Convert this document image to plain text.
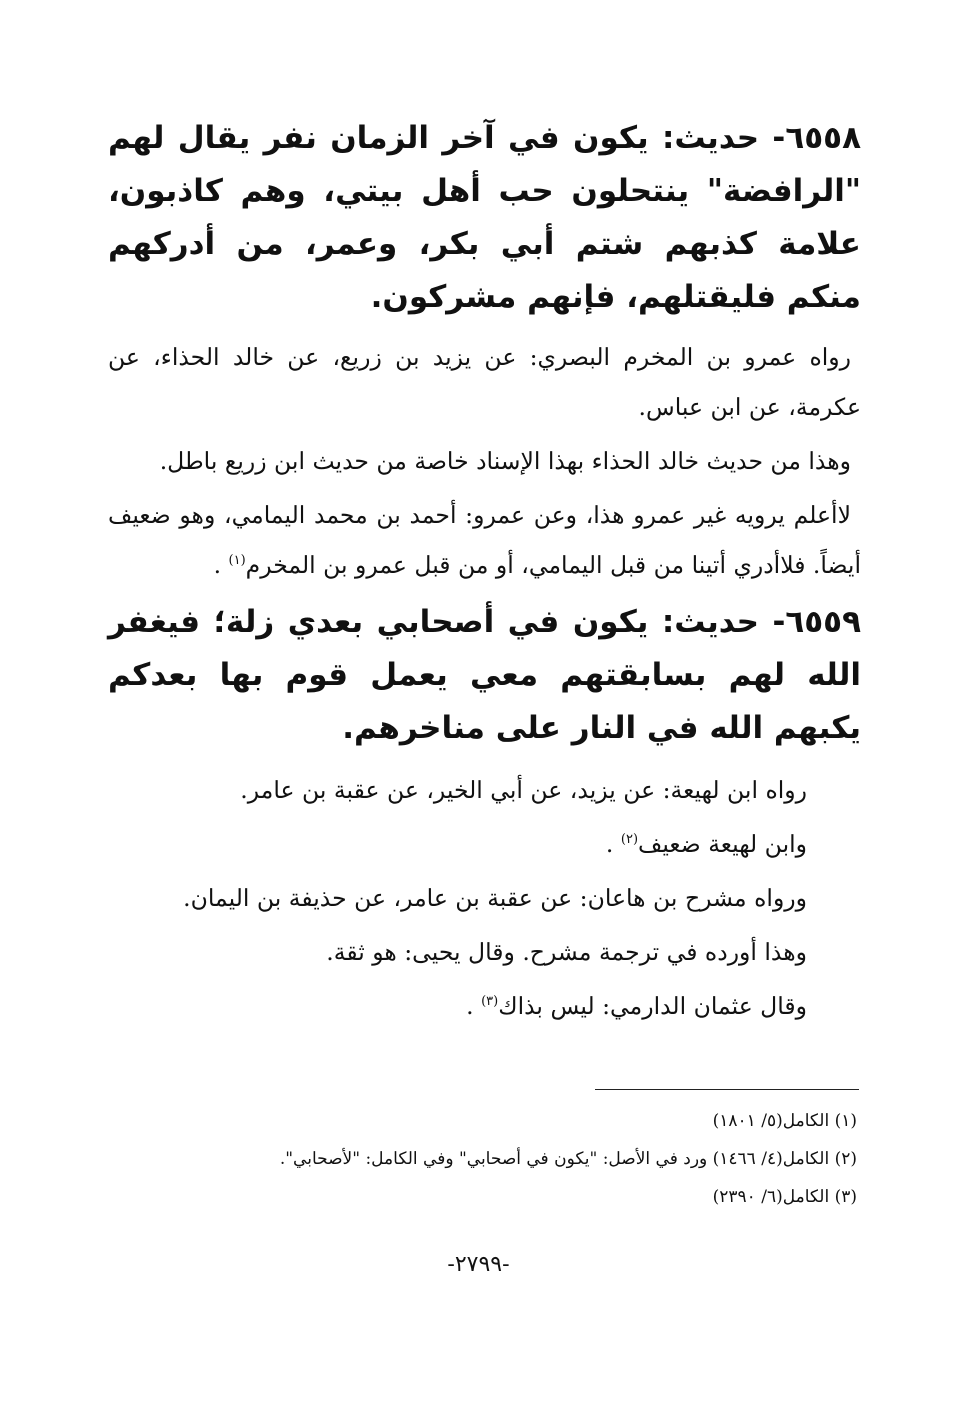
٦٥٥٨- حديث: يكون في آخر الزمان نفر يقال لهم "الرافضة" ينتحلون حب أهل بيتي، وهم كاذبون، علامة كذبهم شتم أبي بكر، وعمر، من أدركهم منكم فليقتلهم، فإنهم مشركون.

رواه عمرو بن المخرم البصري: عن يزيد بن زريع، عن خالد الحذاء، عن عكرمة، عن ابن عباس.

وهذا من حديث خالد الحذاء بهذا الإسناد خاصة من حديث ابن زريع باطل.

لاأعلم يرويه غير عمرو هذا، وعن عمرو: أحمد بن محمد اليمامي، وهو ضعيف أيضاً. فلاأدري أتينا من قبل اليمامي، أو من قبل عمرو بن المخرم$^{(١)}$ .

٦٥٥٩- حديث: يكون في أصحابي بعدي زلة؛ فيغفر الله لهم بسابقتهم معي يعمل قوم بها بعدكم يكبهم الله في النار على مناخرهم.

رواه ابن لهيعة: عن يزيد، عن أبي الخير، عن عقبة بن عامر.

وابن لهيعة ضعيف$^{(٢)}$ .

ورواه مشرح بن هاعان: عن عقبة بن عامر، عن حذيفة بن اليمان.

وهذا أورده في ترجمة مشرح. وقال يحيى: هو ثقة.

وقال عثمان الدارمي: ليس بذاك$^{(٣)}$ .

(١) الكامل(٥/ ١٨٠١)

(٢) الكامل(٤/ ١٤٦٦) ورد في الأصل: "يكون في أصحابي" وفي الكامل: "لأصحابي".

(٣) الكامل(٦/ ٢٣٩٠)

-٢٧٩٩-
